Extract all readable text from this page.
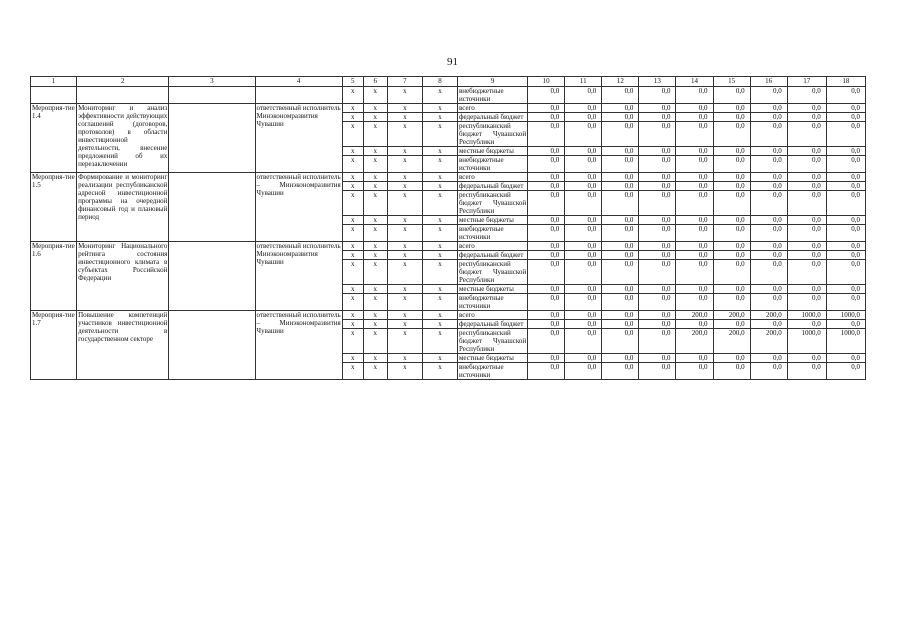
91
1	2	3	4	5	6	7	8	9	10	11	12	13	14	15	16	17	18
				х	х	х	х	внебюджетные источники	0,0	0,0	0,0	0,0	0,0	0,0	0,0	0,0	0,0
Мероприя-тие 1.4	Мониторинг и анализ эффективности действующих соглашений (договоров, протоколов) в области инвестиционной деятельности, внесение предложений об их перезаключении		ответственный исполнитель Минэкономразвития Чувашии	х	х	х	х	всего	0,0	0,0	0,0	0,0	0,0	0,0	0,0	0,0	0,0
				х	х	х	х	федеральный бюджет	0,0	0,0	0,0	0,0	0,0	0,0	0,0	0,0	0,0
				х	х	х	х	республиканский бюджет Чувашской Республики	0,0	0,0	0,0	0,0	0,0	0,0	0,0	0,0	0,0
				х	х	х	х	местные бюджеты	0,0	0,0	0,0	0,0	0,0	0,0	0,0	0,0	0,0
				х	х	х	х	внебюджетные источники	0,0	0,0	0,0	0,0	0,0	0,0	0,0	0,0	0,0
Мероприя-тие 1.5	Формирование и мониторинг реализации республиканской адресной инвестиционной программы на очередной финансовый год и плановый период		ответственный исполнитель – Минэкономразвития Чувашии	х	х	х	х	всего	0,0	0,0	0,0	0,0	0,0	0,0	0,0	0,0	0,0
				х	х	х	х	федеральный бюджет	0,0	0,0	0,0	0,0	0,0	0,0	0,0	0,0	0,0
				х	х	х	х	республиканский бюджет Чувашской Республики	0,0	0,0	0,0	0,0	0,0	0,0	0,0	0,0	0,0
				х	х	х	х	местные бюджеты	0,0	0,0	0,0	0,0	0,0	0,0	0,0	0,0	0,0
				х	х	х	х	внебюджетные источники	0,0	0,0	0,0	0,0	0,0	0,0	0,0	0,0	0,0
Мероприя-тие 1.6	Мониторинг Национального рейтинга состояния инвестиционного климата в субъектах Российской Федерации		ответственный исполнитель Минэкономразвития Чувашии	х	х	х	х	всего	0,0	0,0	0,0	0,0	0,0	0,0	0,0	0,0	0,0
				х	х	х	х	федеральный бюджет	0,0	0,0	0,0	0,0	0,0	0,0	0,0	0,0	0,0
				х	х	х	х	республиканский бюджет Чувашской Республики	0,0	0,0	0,0	0,0	0,0	0,0	0,0	0,0	0,0
				х	х	х	х	местные бюджеты	0,0	0,0	0,0	0,0	0,0	0,0	0,0	0,0	0,0
				х	х	х	х	внебюджетные источники	0,0	0,0	0,0	0,0	0,0	0,0	0,0	0,0	0,0
Мероприя-тие 1.7	Повышение компетенций участников инвестиционной деятельности в государственном секторе		ответственный исполнитель – Минэкономразвития Чувашии	х	х	х	х	всего	0,0	0,0	0,0	0,0	200,0	200,0	200,0	1000,0	1000,0
				х	х	х	х	федеральный бюджет	0,0	0,0	0,0	0,0	0,0	0,0	0,0	0,0	0,0
				х	х	х	х	республиканский бюджет Чувашской Республики	0,0	0,0	0,0	0,0	200,0	200,0	200,0	1000,0	1000,0
				х	х	х	х	местные бюджеты	0,0	0,0	0,0	0,0	0,0	0,0	0,0	0,0	0,0
				х	х	х	х	внебюджетные источники	0,0	0,0	0,0	0,0	0,0	0,0	0,0	0,0	0,0
